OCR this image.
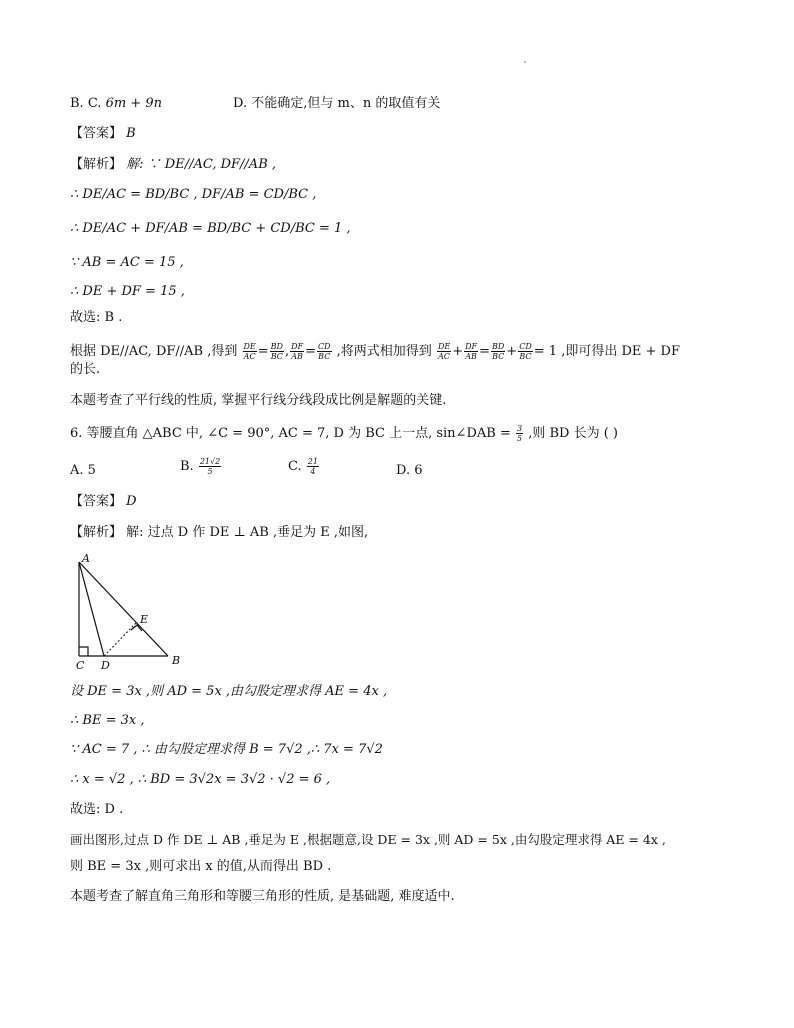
B. C. 6m + 9n	D. 不能确定,但与 m、n 的取值有关
【答案】 B
【解析】 解: ∵ DE//AC, DF//AB ,
∴ DE/AC = BD/BC , DF/AB = CD/BC ,
∴ DE/AC + DF/AB = BD/BC + CD/BC = 1 ,
∵ AB = AC = 15 ,
∴ DE + DF = 15 ,
故选: B .
根据 DE//AC, DF//AB ,得到 $\frac{DE}{AC} = \frac{BD}{BC}$ , $\frac{DF}{AB} = \frac{CD}{BC}$ ,将两式相加得到 $\frac{DE}{AC} + \frac{DF}{AB} = \frac{BD}{BC} + \frac{CD}{BC} = 1$ ,即可得出 DE + DF
的长.
本题考查了平行线的性质, 掌握平行线分线段成比例是解题的关键.
6. 等腰直角 △ABC 中, ∠C = 90°, AC = 7, D 为 BC 上一点, sin∠DAB = $\frac{3}{5}$ ,则 BD 长为 ( )
A. 5	B. $\frac{21√2}{5}$	C. $\frac{21}{4}$	D. 6
【答案】 D
【解析】 解: 过点 D 作 DE ⊥ AB ,垂足为 E ,如图,
A
B
C D
E
设 DE = 3x ,则 AD = 5x ,由勾股定理求得 AE = 4x ,
∴ BE = 3x ,
∵ AC = 7 , ∴ 由勾股定理求得 B = 7√2 ,∴ 7x = 7√2
∴ x = √2 , ∴ BD = 3√2x = 3√2 · √2 = 6 ,
故选: D .
画出图形,过点 D 作 DE ⊥ AB ,垂足为 E ,根据题意,设 DE = 3x ,则 AD = 5x ,由勾股定理求得 AE = 4x ,
则 BE = 3x ,则可求出 x 的值,从而得出 BD .
本题考查了解直角三角形和等腰三角形的性质, 是基础题, 难度适中.
